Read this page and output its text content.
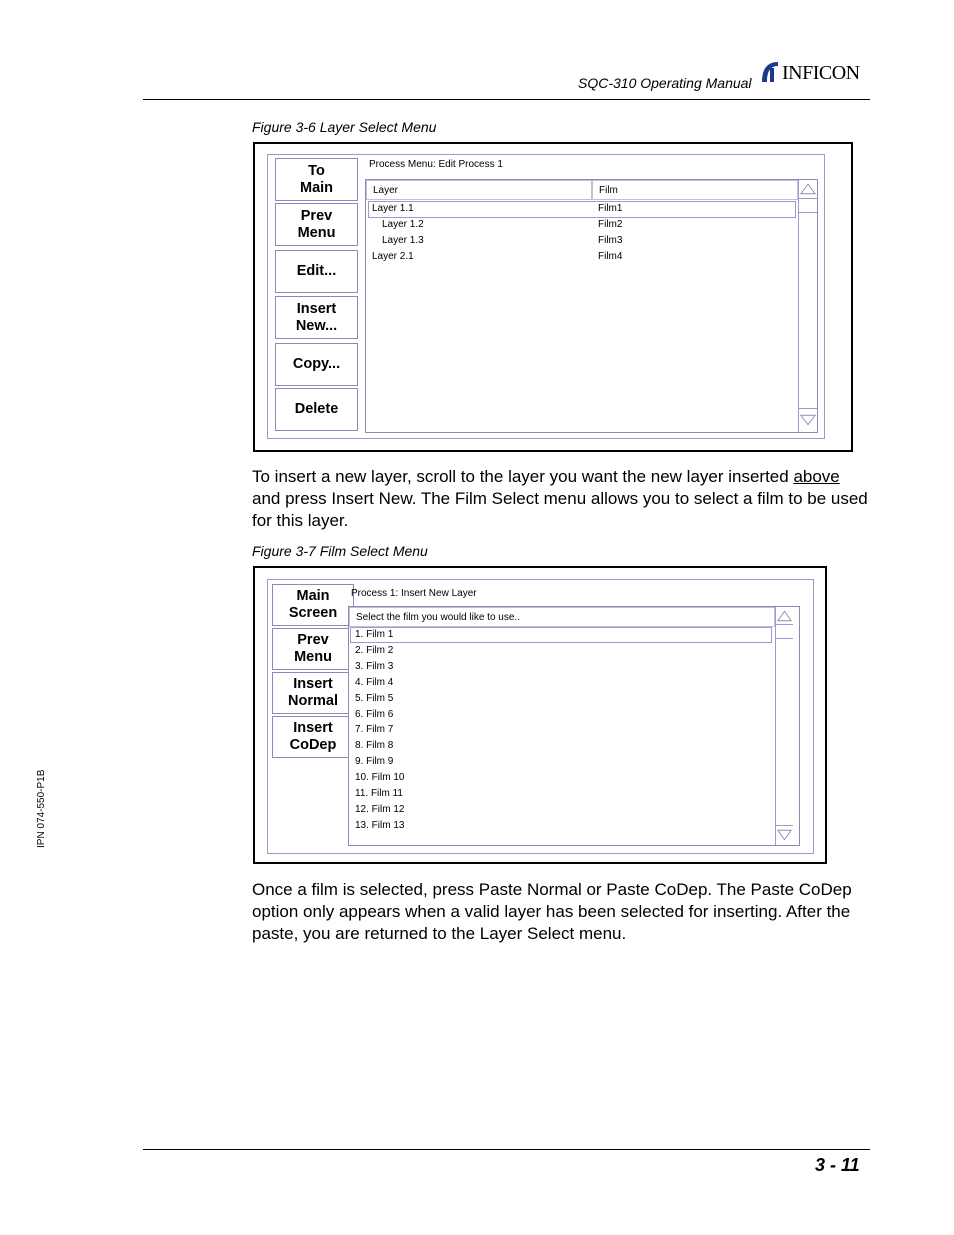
SQC-310 Operating Manual INFICON
Figure 3-6 Layer Select Menu
To
Main
Prev
Menu
Edit...
Insert
New...
Copy...
Delete
Process Menu: Edit Process 1
Layer	Film
Layer 1.1	Film1
Layer 1.2	Film2
Layer 1.3	Film3
Layer 2.1	Film4
To insert a new layer, scroll to the layer you want the new layer inserted above and press Insert New. The Film Select menu allows you to select a film to be used for this layer.
Figure 3-7 Film Select Menu
Main
Screen
Prev
Menu
Insert
Normal
Insert
CoDep
Process 1: Insert New Layer
Select the film you would like to use..
1. Film 1
2. Film 2
3. Film 3
4. Film 4
5. Film 5
6. Film 6
7. Film 7
8. Film 8
9. Film 9
10. Film 10
11. Film 11
12. Film 12
13. Film 13
Once a film is selected, press Paste Normal or Paste CoDep. The Paste CoDep option only appears when a valid layer has been selected for inserting. After the paste, you are returned to the Layer Select menu.
IPN 074-550-P1B
3 - 11
